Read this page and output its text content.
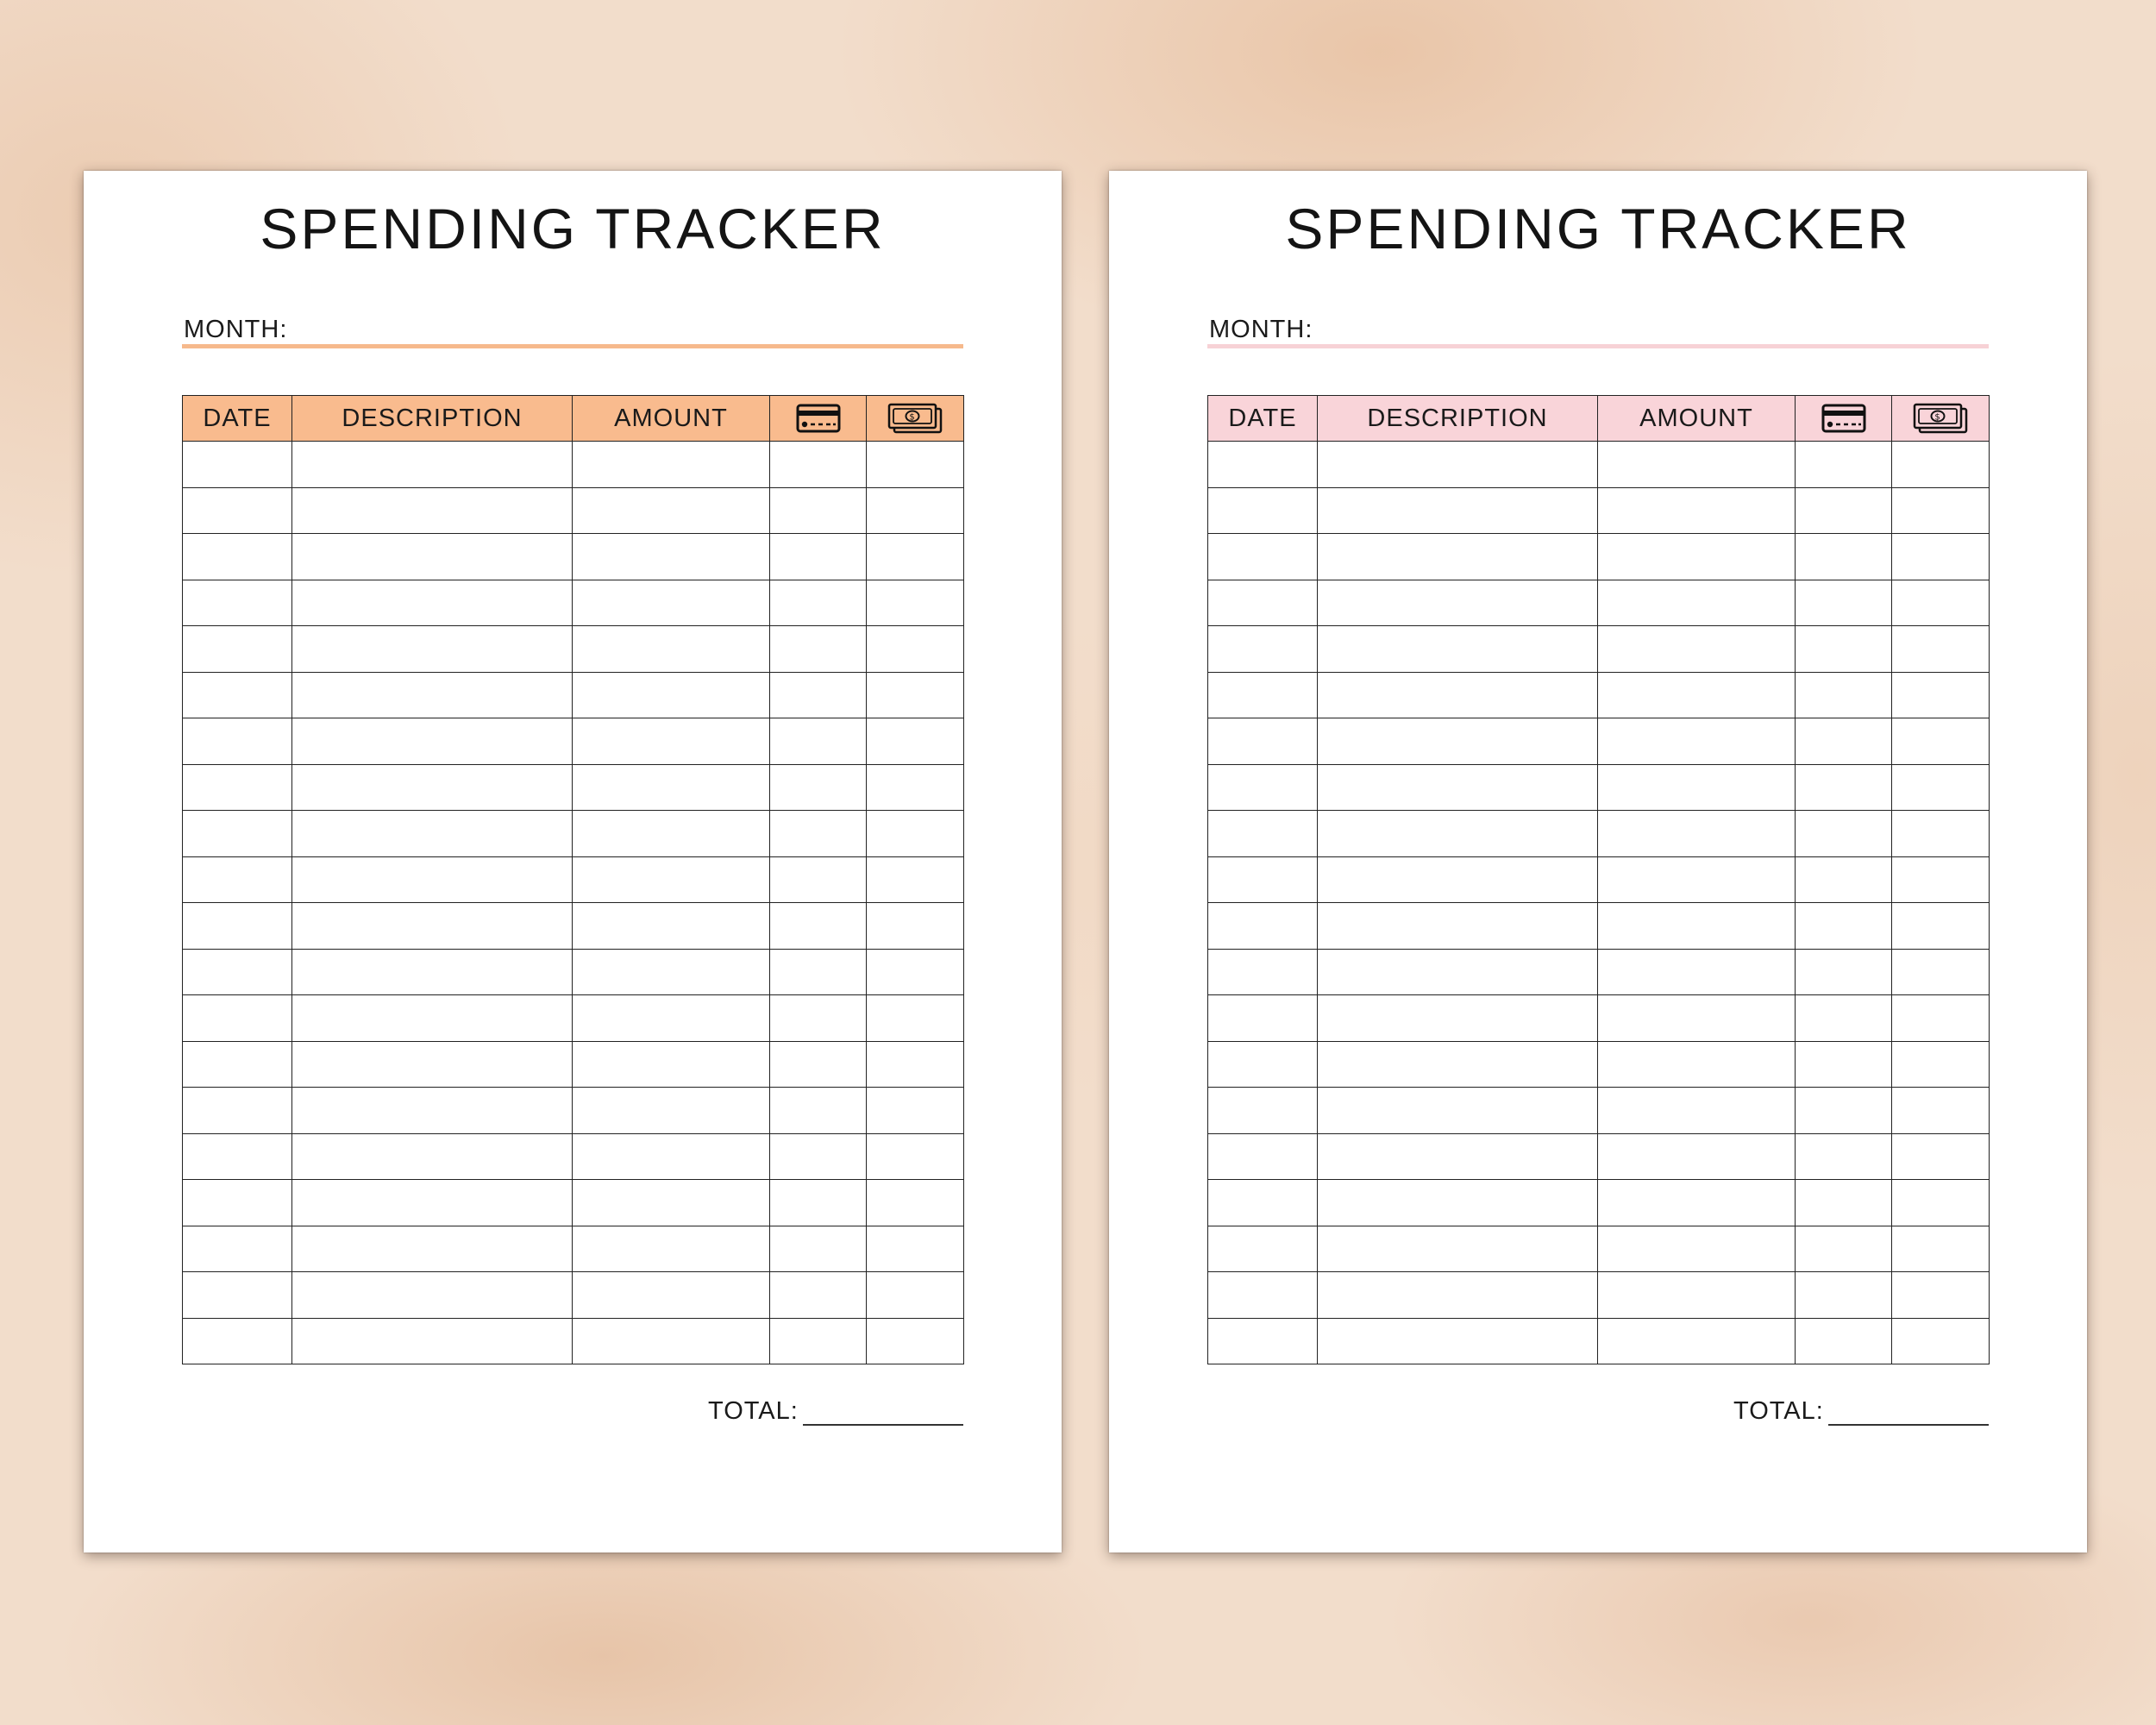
SPENDING TRACKER
MONTH:
DATE	DESCRIPTION	AMOUNT		$

TOTAL:
SPENDING TRACKER
MONTH:
DATE	DESCRIPTION	AMOUNT		$

TOTAL:
